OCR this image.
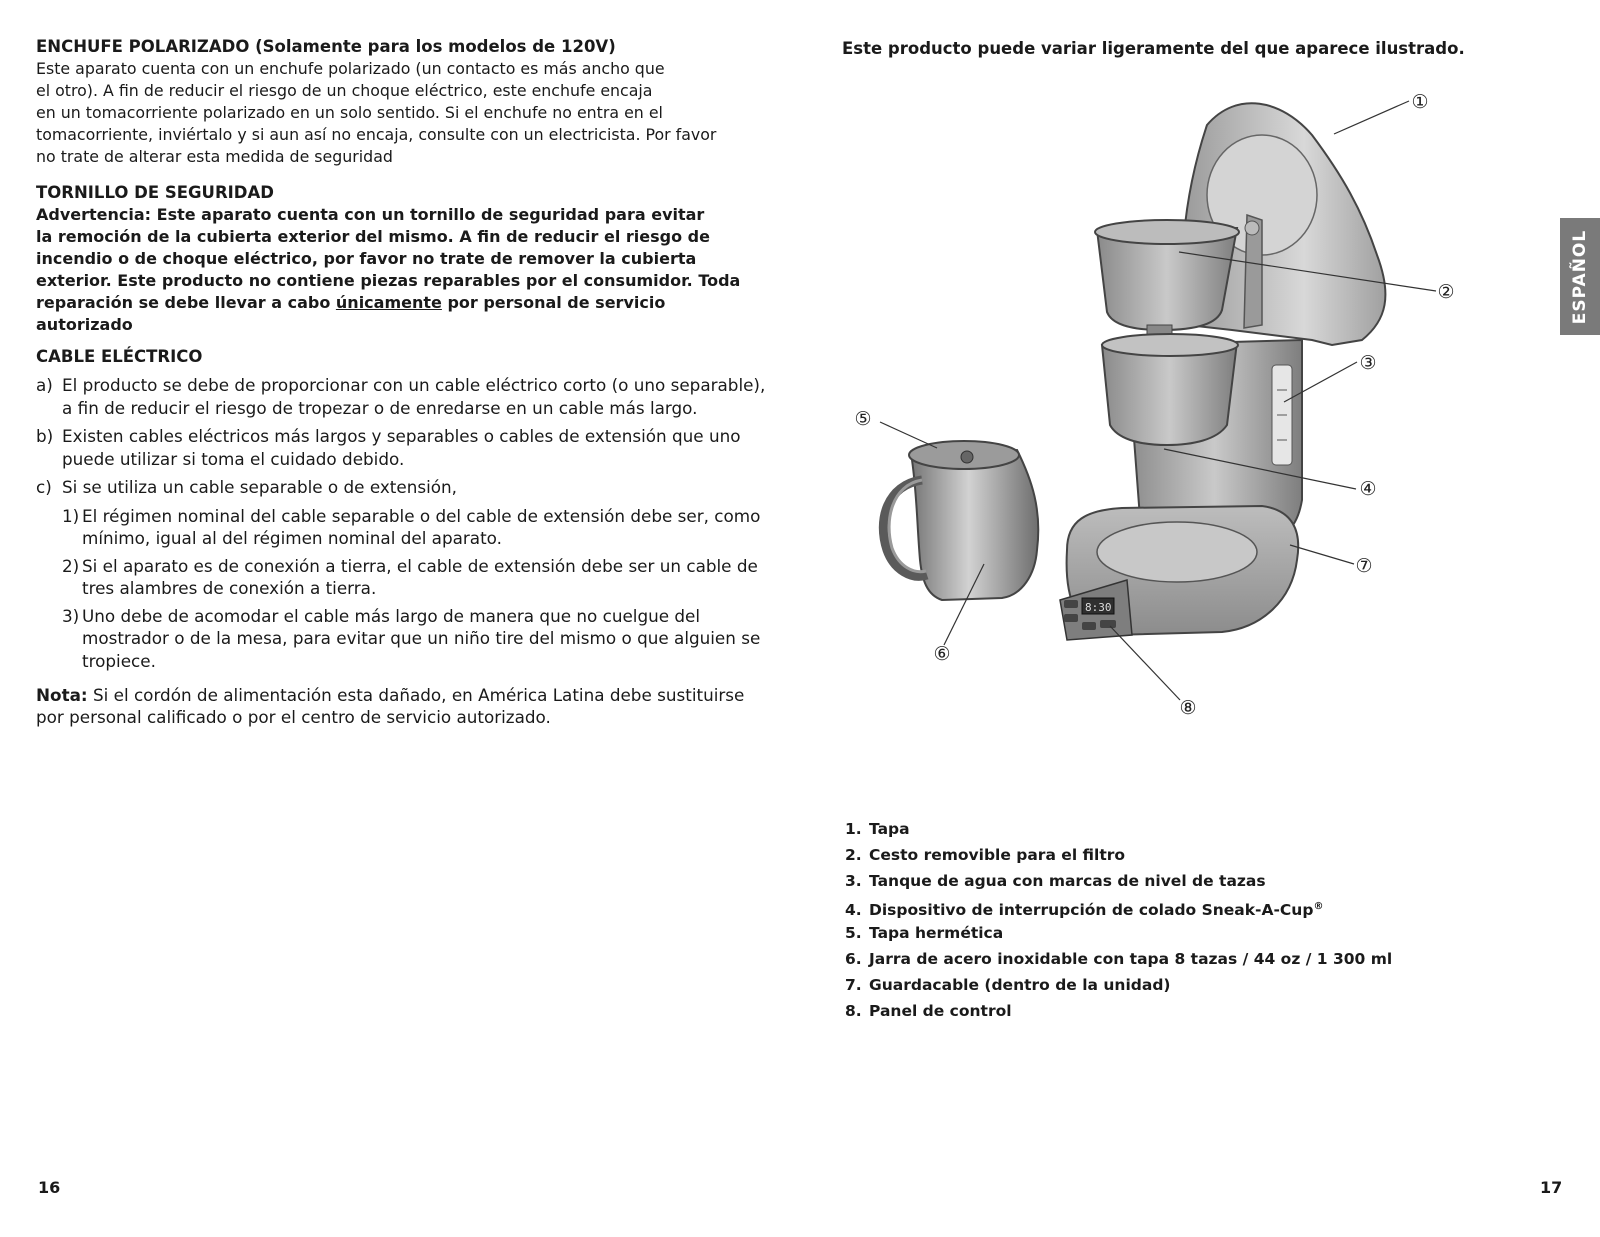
ENCHUFE POLARIZADO (Solamente para los modelos de 120V)

Este aparato cuenta con un enchufe polarizado (un contacto es más ancho que

el otro). A fin de reducir el riesgo de un choque eléctrico, este enchufe encaja

en un tomacorriente polarizado en un solo sentido. Si el enchufe no entra en el

tomacorriente, inviértalo y si aun así no encaja, consulte con un electricista. Por favor

no trate de alterar esta medida de seguridad

TORNILLO DE SEGURIDAD

Advertencia: Este aparato cuenta con un tornillo de seguridad para evitar

la remoción de la cubierta exterior del mismo. A fin de reducir el riesgo de

incendio o de choque eléctrico, por favor no trate de remover la cubierta

exterior. Este producto no contiene piezas reparables por el consumidor. Toda

reparación se debe llevar a cabo únicamente por personal de servicio autorizado

CABLE ELÉCTRICO

a) El producto se debe de proporcionar con un cable eléctrico corto (o uno separable), a fin de reducir el riesgo de tropezar o de enredarse en un cable más largo.
b) Existen cables eléctricos más largos y separables o cables de extensión que uno puede utilizar si toma el cuidado debido.
c) Si se utiliza un cable separable o de extensión,
1) El régimen nominal del cable separable o del cable de extensión debe ser, como mínimo, igual al del régimen nominal del aparato.
2) Si el aparato es de conexión a tierra, el cable de extensión debe ser un cable de tres alambres de conexión a tierra.
3) Uno debe de acomodar el cable más largo de manera que no cuelgue del mostrador o de la mesa, para evitar que un niño tire del mismo o que alguien se tropiece.

Nota: Si el cordón de alimentación esta dañado, en América Latina debe sustituirse por personal calificado o por el centro de servicio autorizado.

Este producto puede variar ligeramente del que aparece ilustrado.
8:30
①
②
③
④
⑤
⑥
⑦
⑧
1. Tapa
2. Cesto removible para el filtro
3. Tanque de agua con marcas de nivel de tazas
4. Dispositivo de interrupción de colado Sneak-A-Cup®
5. Tapa hermética
6. Jarra de acero inoxidable con tapa 8 tazas / 44 oz / 1 300 ml
7. Guardacable (dentro de la unidad)
8. Panel de control
ESPAÑOL
16	17
